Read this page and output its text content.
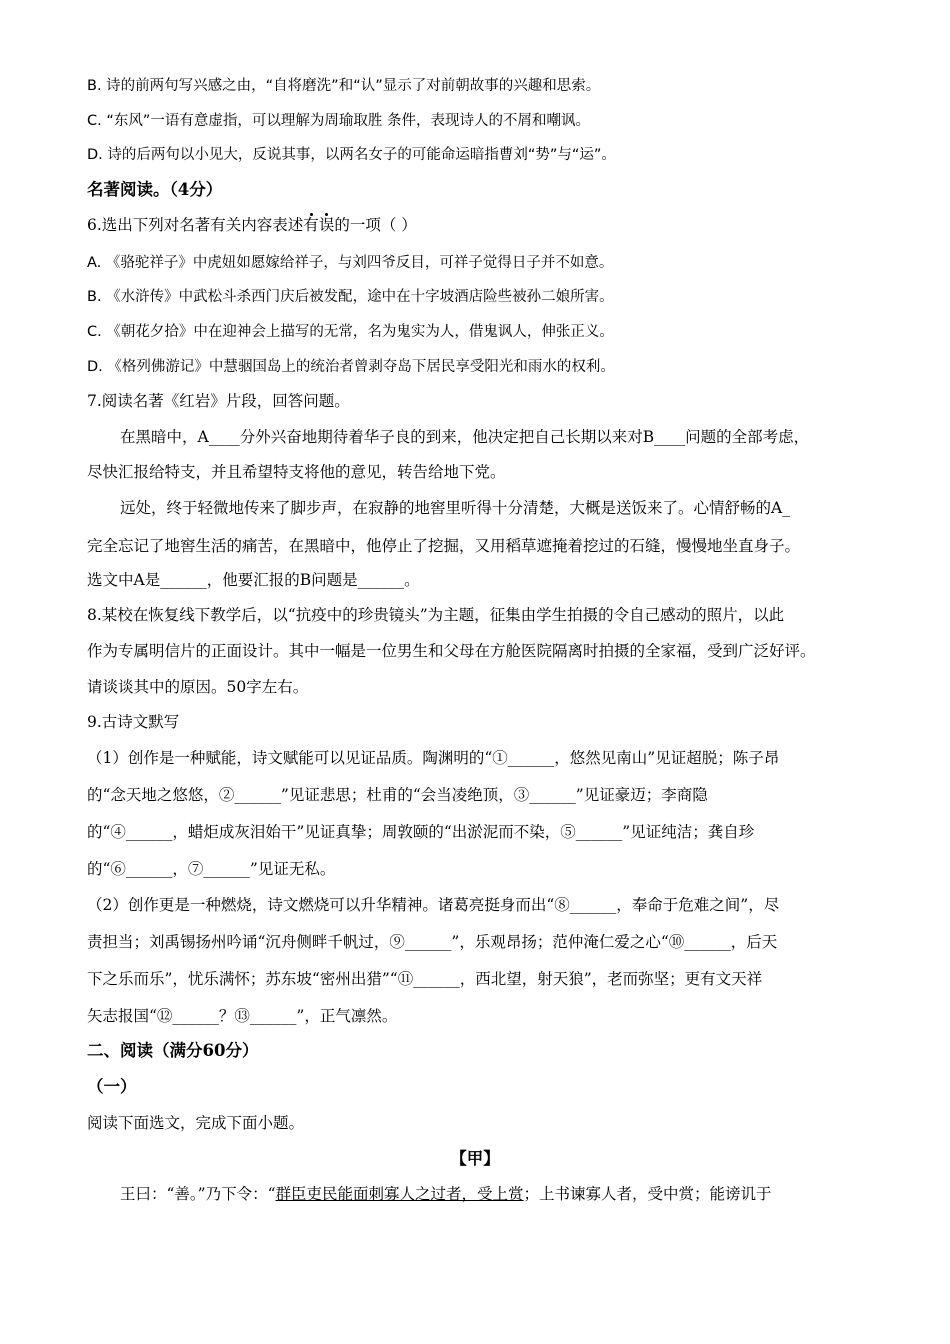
B. 诗的前两句写兴感之由，“自将磨洗”和“认”显示了对前朝故事的兴趣和思索。
C. “东风”一语有意虚指，可以理解为周瑜取胜 条件，表现诗人的不屑和嘲讽。
D. 诗的后两句以小见大，反说其事，以两名女子的可能命运暗指曹刘“势”与“运”。
名著阅读。（4分）
6.选出下列对名著有关内容表述有误的一项（ ）
A. 《骆驼祥子》中虎妞如愿嫁给祥子，与刘四爷反目，可祥子觉得日子并不如意。
B. 《水浒传》中武松斗杀西门庆后被发配，途中在十字坡酒店险些被孙二娘所害。
C. 《朝花夕拾》中在迎神会上描写的无常，名为鬼实为人，借鬼讽人，伸张正义。
D. 《格列佛游记》中慧骃国岛上的统治者曾剥夺岛下居民享受阳光和雨水的权利。
7.阅读名著《红岩》片段，回答问题。
在黑暗中，A____分外兴奋地期待着华子良的到来，他决定把自己长期以来对B____问题的全部考虑，
尽快汇报给特支，并且希望特支将他的意见，转告给地下党。
远处，终于轻微地传来了脚步声，在寂静的地窖里听得十分清楚，大概是送饭来了。心情舒畅的A_
完全忘记了地窖生活的痛苦，在黑暗中，他停止了挖掘，又用稻草遮掩着挖过的石缝，慢慢地坐直身子。
选文中A是______，他要汇报的B问题是______。
8.某校在恢复线下教学后，以“抗疫中的珍贵镜头”为主题，征集由学生拍摄的令自己感动的照片，以此
作为专属明信片的正面设计。其中一幅是一位男生和父母在方舱医院隔离时拍摄的全家福，受到广泛好评。
请谈谈其中的原因。50字左右。
9.古诗文默写
（1）创作是一种赋能，诗文赋能可以见证品质。陶渊明的“①______，悠然见南山”见证超脱；陈子昂
的“念天地之悠悠，②______”见证悲思；杜甫的“会当凌绝顶，③______”见证豪迈；李商隐
的“④______，蜡炬成灰泪始干”见证真挚；周敦颐的“出淤泥而不染，⑤______”见证纯洁；龚自珍
的“⑥______，⑦______”见证无私。
（2）创作更是一种燃烧，诗文燃烧可以升华精神。诸葛亮挺身而出“⑧______，奉命于危难之间”，尽
责担当；刘禹锡扬州吟诵“沉舟侧畔千帆过，⑨______”，乐观昂扬；范仲淹仁爱之心“⑩______，后天
下之乐而乐”，忧乐满怀；苏东坡“密州出猎”“⑪______，西北望，射天狼”，老而弥坚；更有文天祥
矢志报国“⑫______？⑬______”，正气凛然。
二、阅读（满分60分）
（一）
阅读下面选文，完成下面小题。
【甲】
王曰：“善。”乃下令：“群臣吏民能面刺寡人之过者，受上赏；上书谏寡人者，受中赏；能谤讥于
